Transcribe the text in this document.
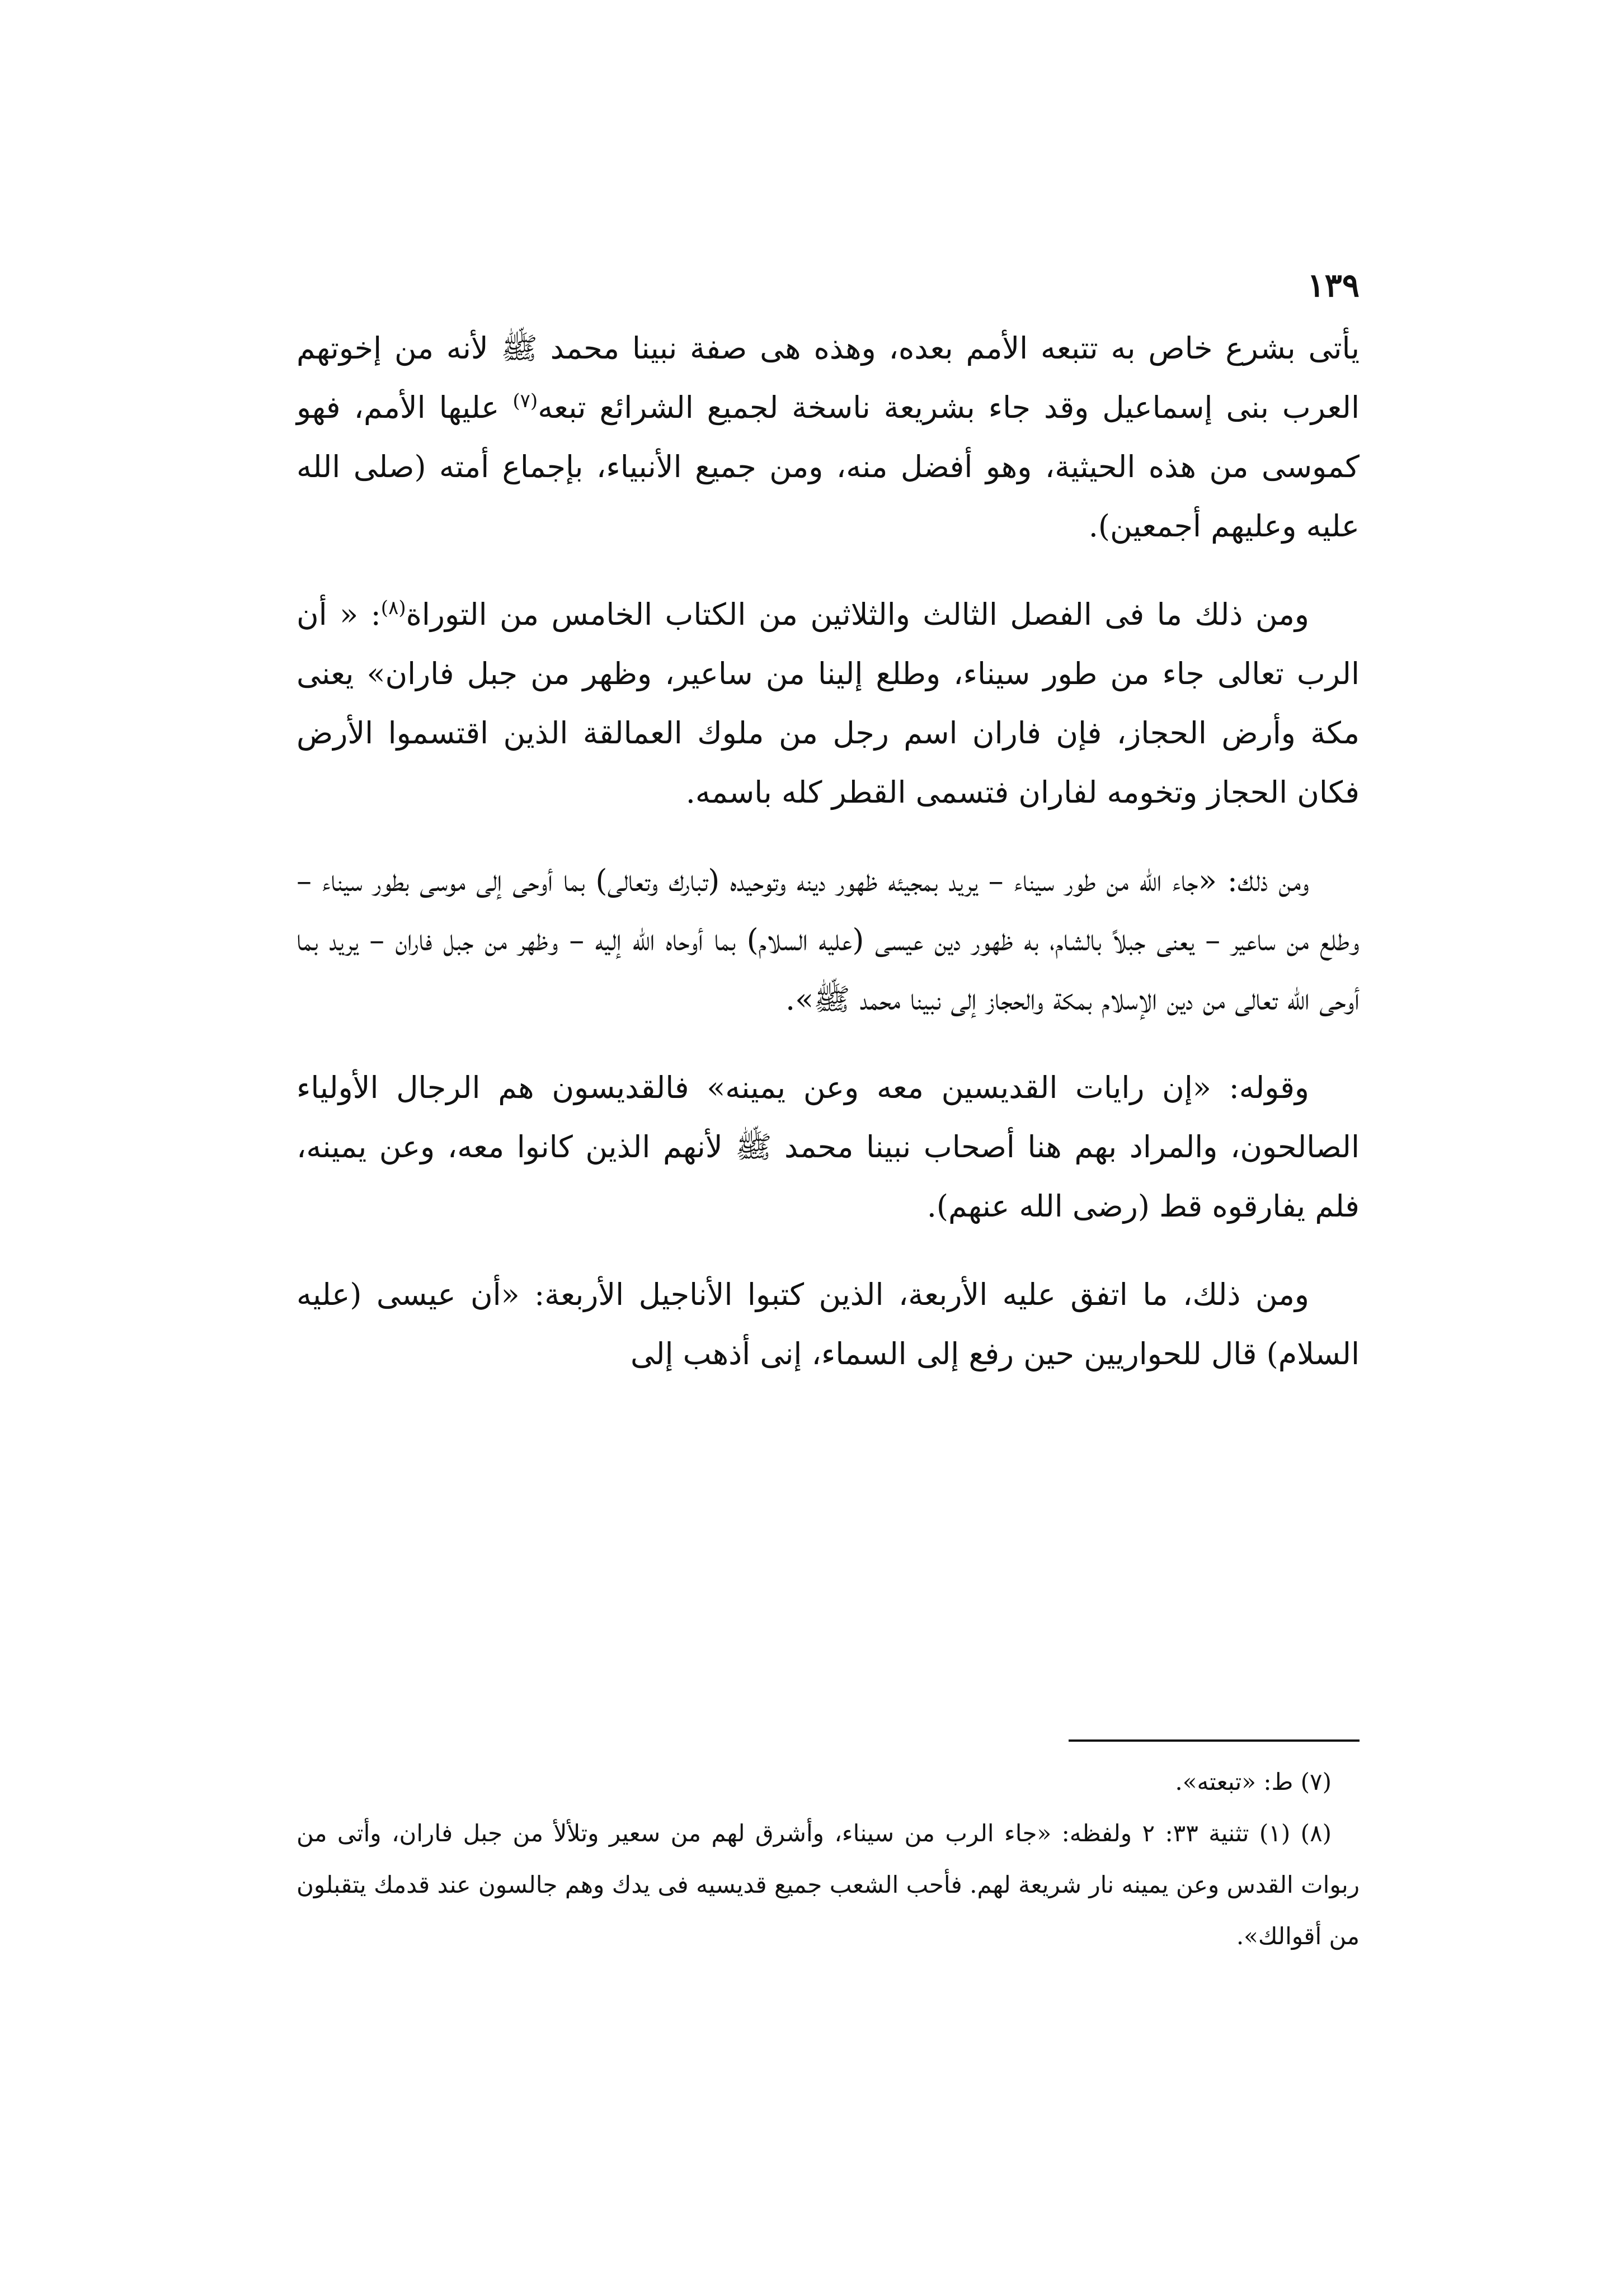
١٣٩

يأتى بشرع خاص به تتبعه الأمم بعده، وهذه هى صفة نبينا محمد ﷺ لأنه من إخوتهم العرب بنى إسماعيل وقد جاء بشريعة ناسخة لجميع الشرائع تبعه$^{(٧)}$ عليها الأمم، فهو كموسى من هذه الحيثية، وهو أفضل منه، ومن جميع الأنبياء، بإجماع أمته (صلى الله عليه وعليهم أجمعين).

ومن ذلك ما فى الفصل الثالث والثلاثين من الكتاب الخامس من التوراة$^{(٨)}$: « أن الرب تعالى جاء من طور سيناء، وطلع إلينا من ساعير، وظهر من جبل فاران» يعنى مكة وأرض الحجاز، فإن فاران اسم رجل من ملوك العمالقة الذين اقتسموا الأرض فكان الحجاز وتخومه لفاران فتسمى القطر كله باسمه.

ومن ذلك: «جاء الله من طور سيناء – يريد بمجيئه ظهور دينه وتوحيده (تبارك وتعالى) بما أوحى إلى موسى بطور سيناء – وطلع من ساعير – يعنى جبلاً بالشام، به ظهور دين عيسى (عليه السلام) بما أوحاه الله إليه – وظهر من جبل فاران – يريد بما أوحى الله تعالى من دين الإسلام بمكة والحجاز إلى نبينا محمد ﷺ».

وقوله: «إن رايات القديسين معه وعن يمينه» فالقديسون هم الرجال الأولياء الصالحون، والمراد بهم هنا أصحاب نبينا محمد ﷺ لأنهم الذين كانوا معه، وعن يمينه، فلم يفارقوه قط (رضى الله عنهم).

ومن ذلك، ما اتفق عليه الأربعة، الذين كتبوا الأناجيل الأربعة: «أن عيسى (عليه السلام) قال للحواريين حين رفع إلى السماء، إنى أذهب إلى

(٧) ط: «تبعته».

(٨) (١) تثنية ٣٣: ٢ ولفظه: «جاء الرب من سيناء، وأشرق لهم من سعير وتلألأ من جبل فاران، وأتى من ربوات القدس وعن يمينه نار شريعة لهم. فأحب الشعب جميع قديسيه فى يدك وهم جالسون عند قدمك يتقبلون من أقوالك».
